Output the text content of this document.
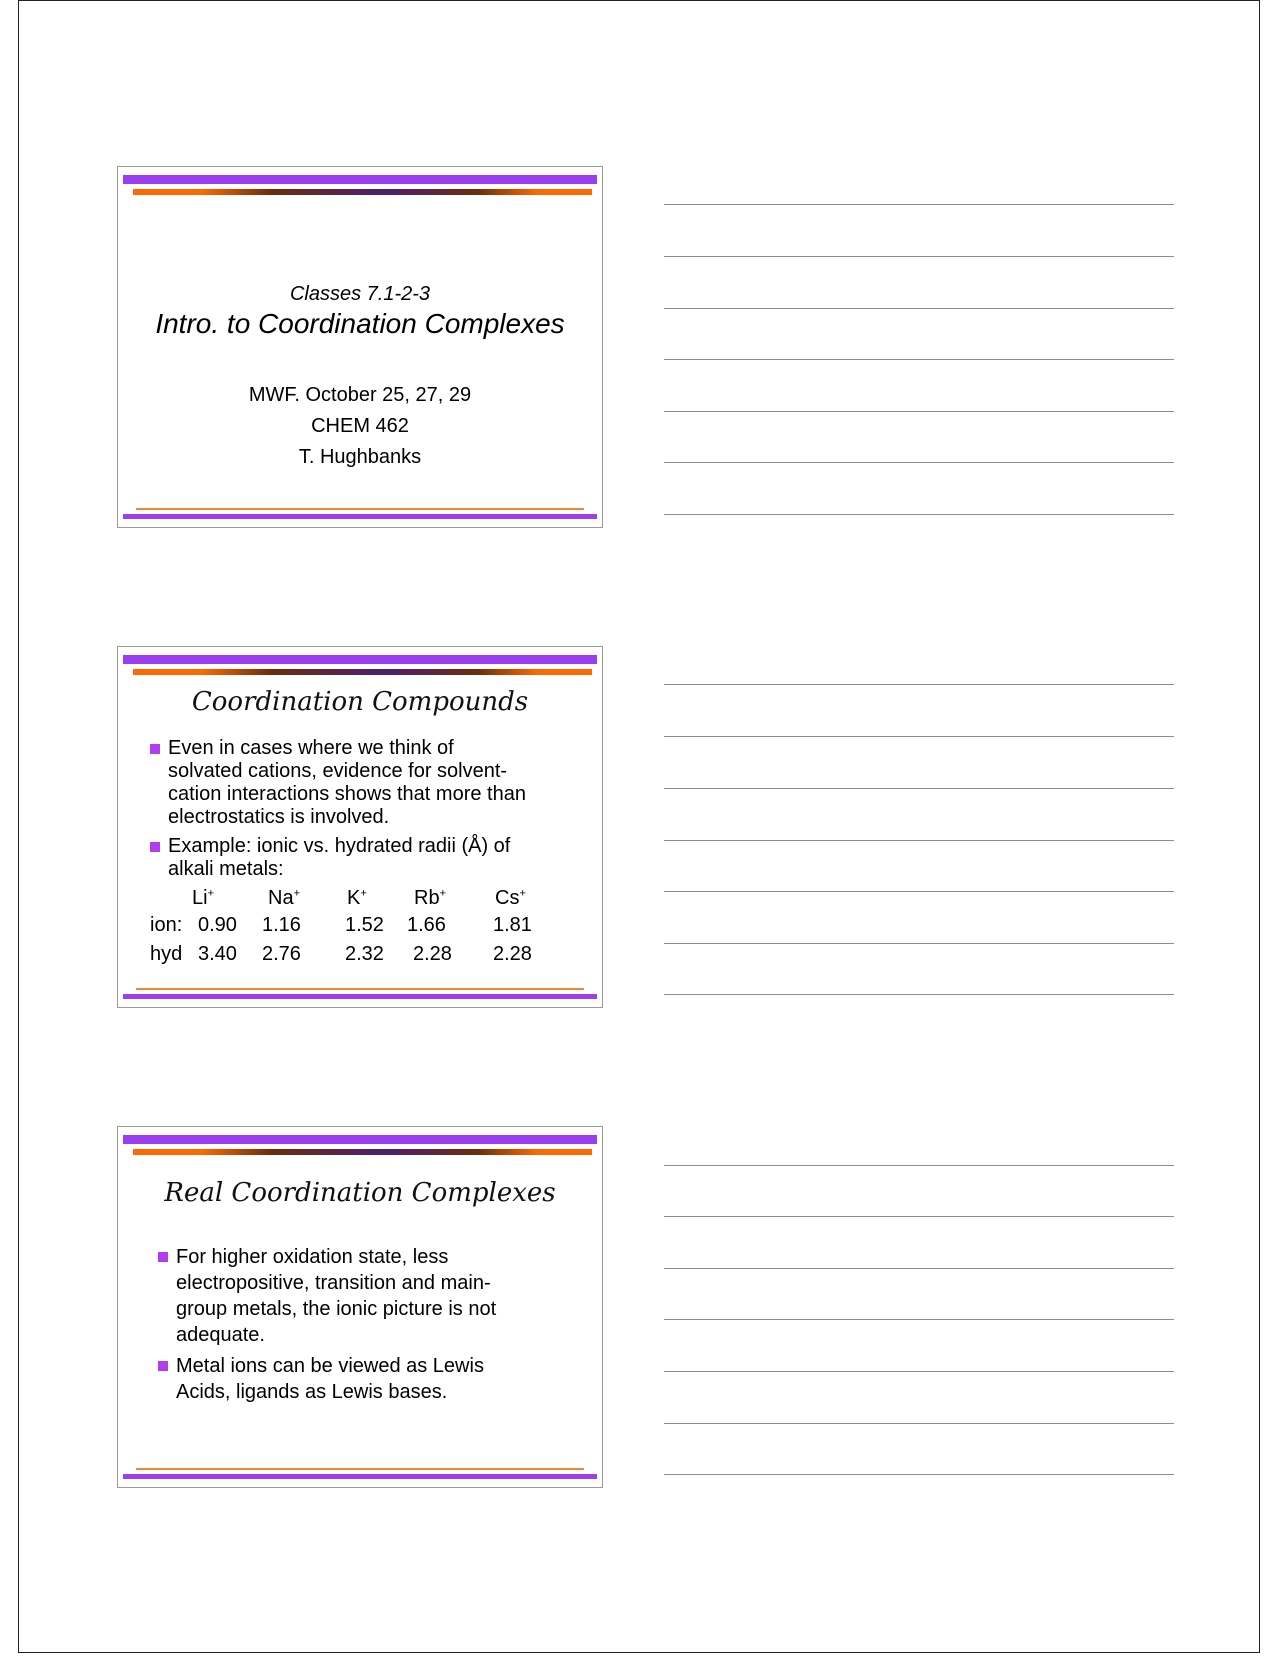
Classes 7.1-2-3
Intro. to Coordination Complexes
MWF. October 25, 27, 29
CHEM 462
T. Hughbanks
Coordination Compounds
Even in cases where we think of
solvated cations, evidence for solvent-
cation interactions shows that more than
electrostatics is involved.
Example: ionic vs. hydrated radii (Å) of
alkali metals:
Li+	Na+ K+ Rb+ Cs+
ion: 0.90 1.16 1.52 1.66 1.81
hyd 3.40 2.76 2.32 2.28 2.28
Real Coordination Complexes
For higher oxidation state, less
electropositive, transition and main-
group metals, the ionic picture is not
adequate.
Metal ions can be viewed as Lewis
Acids, ligands as Lewis bases.
